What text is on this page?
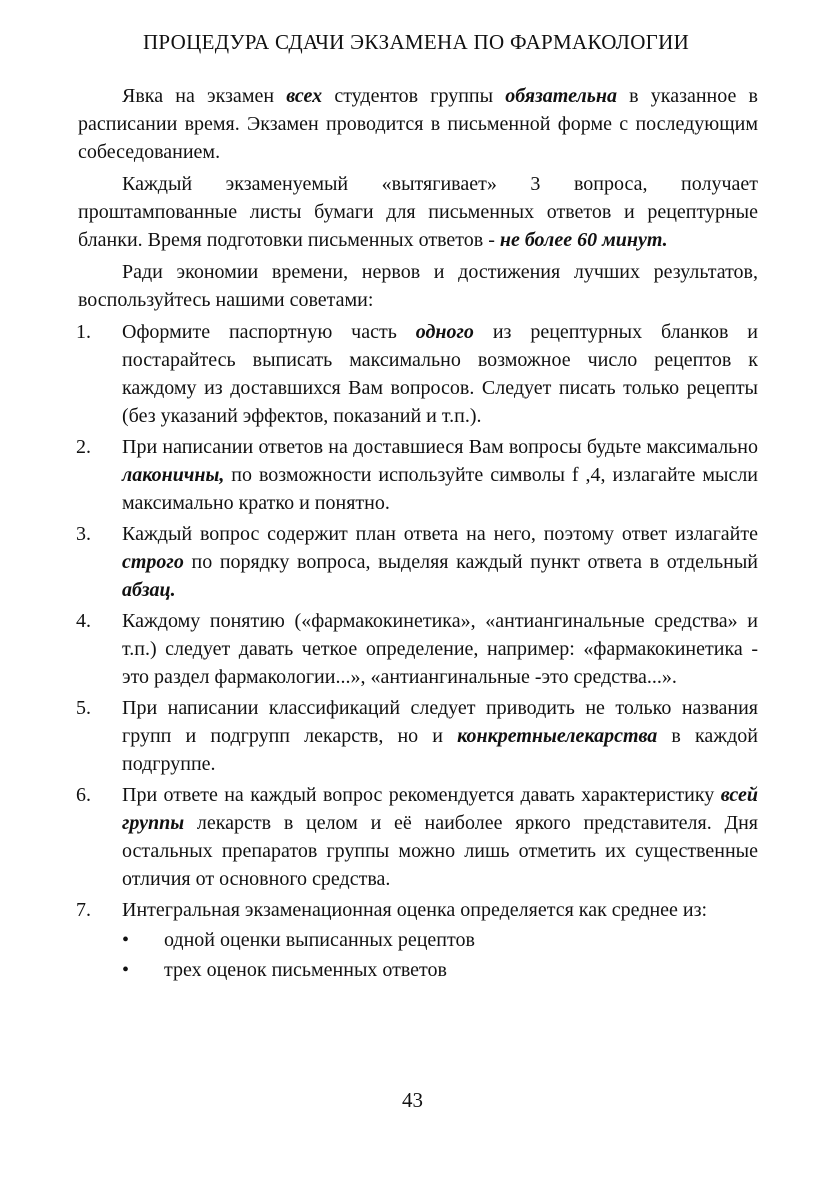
ПРОЦЕДУРА СДАЧИ ЭКЗАМЕНА ПО ФАРМАКОЛОГИИ

Явка на экзамен всех студентов группы обязательна в указанное в расписании время. Экзамен проводится в письменной форме с последующим собеседованием.

Каждый экзаменуемый «вытягивает» 3 вопроса, получает проштампованные листы бумаги для письменных ответов и рецептурные бланки. Время подготовки письменных ответов - не более 60 минут.

Ради экономии времени, нервов и достижения лучших результатов, воспользуйтесь нашими советами:

1. Оформите паспортную часть одного из рецептурных бланков и постарайтесь выписать максимально возможное число рецептов к каждому из доставшихся Вам вопросов. Следует писать только рецепты (без указаний эффектов, показаний и т.п.).
2. При написании ответов на доставшиеся Вам вопросы будьте максимально лаконичны, по возможности используйте символы f ,4, излагайте мысли максимально кратко и понятно.
3. Каждый вопрос содержит план ответа на него, поэтому ответ излагайте строго по порядку вопроса, выделяя каждый пункт ответа в отдельный абзац.
4. Каждому понятию («фармакокинетика», «антиангинальные средства» и т.п.) следует давать четкое определение, например: «фармакокинетика - это раздел фармакологии...», «антиангинальные -это средства...».
5. При написании классификаций следует приводить не только названия групп и подгрупп лекарств, но и конкретныелекарства в каждой подгруппе.
6. При ответе на каждый вопрос рекомендуется давать характеристику всей группы лекарств в целом и её наиболее яркого представителя. Дня остальных препаратов группы можно лишь отметить их существенные отличия от основного средства.
7. Интегральная экзаменационная оценка определяется как среднее из:
• одной оценки выписанных рецептов
• трех оценок письменных ответов
43
